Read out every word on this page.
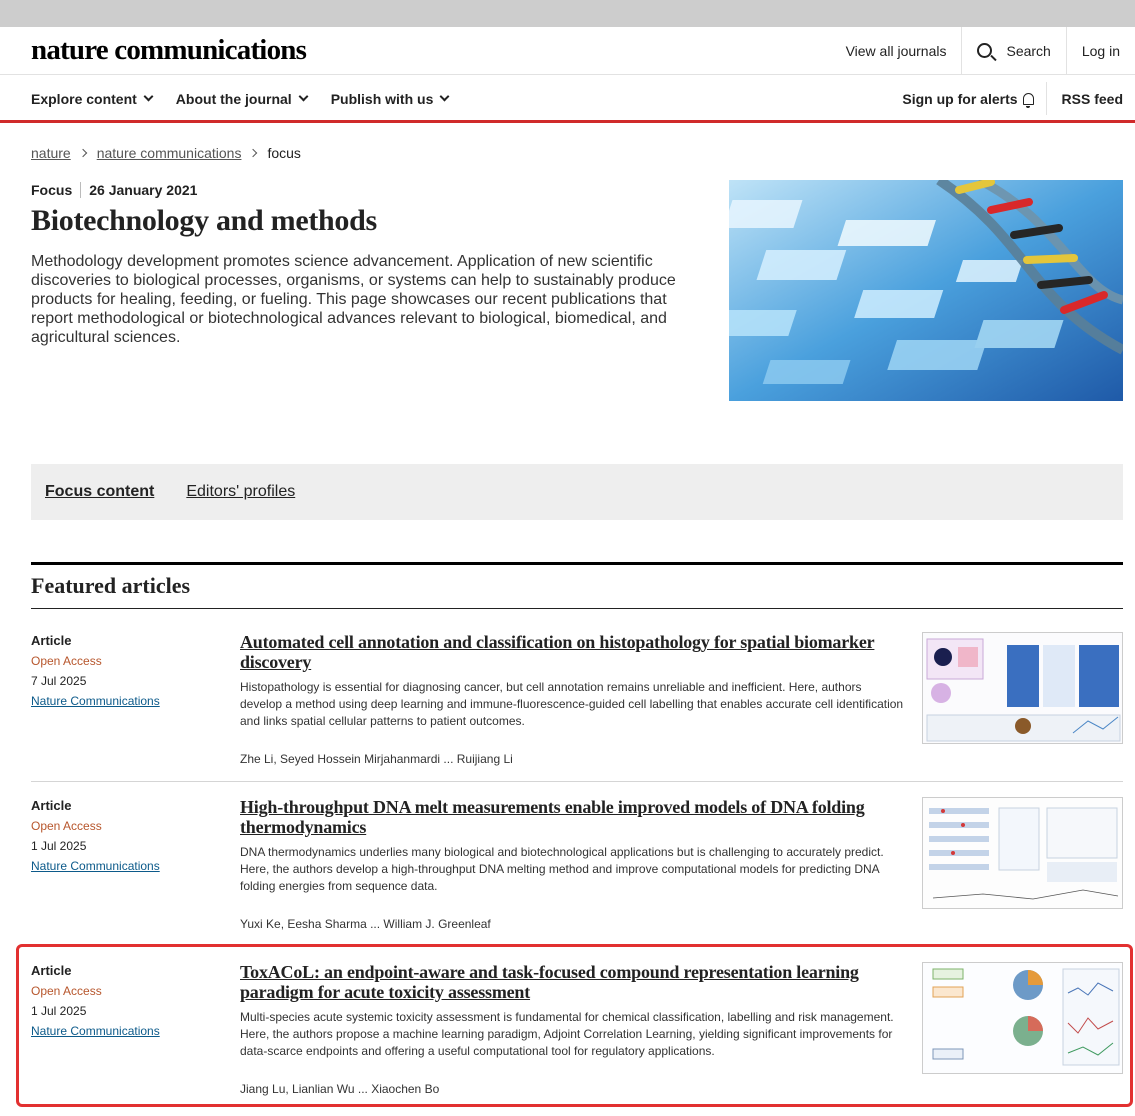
nature communications	View all journals	Search	Log in
Explore content	About the journal	Publish with us	Sign up for alerts	RSS feed
nature nature communications focus
Focus	26 January 2021
Biotechnology and methods

Methodology development promotes science advancement. Application of new scientific discoveries to biological processes, organisms, or systems can help to sustainably produce products for healing, feeding, or fueling. This page showcases our recent publications that report methodological or biotechnological advances relevant to biological, biomedical, and agricultural sciences.

Focus content Editors' profiles
Featured articles
Article
Open Access
7 Jul 2025
Nature Communications
Automated cell annotation and classification on histopathology for spatial biomarker discovery
Histopathology is essential for diagnosing cancer, but cell annotation remains unreliable and inefficient. Here, authors develop a method using deep learning and immune-fluorescence-guided cell labelling that enables accurate cell identification and links spatial cellular patterns to patient outcomes.
Zhe Li, Seyed Hossein Mirjahanmardi ... Ruijiang Li
Article
Open Access
1 Jul 2025
Nature Communications
High-throughput DNA melt measurements enable improved models of DNA folding thermodynamics
DNA thermodynamics underlies many biological and biotechnological applications but is challenging to accurately predict. Here, the authors develop a high-throughput DNA melting method and improve computational models for predicting DNA folding energies from sequence data.
Yuxi Ke, Eesha Sharma ... William J. Greenleaf
Article
Open Access
1 Jul 2025
Nature Communications
ToxACoL: an endpoint-aware and task-focused compound representation learning paradigm for acute toxicity assessment
Multi-species acute systemic toxicity assessment is fundamental for chemical classification, labelling and risk management. Here, the authors propose a machine learning paradigm, Adjoint Correlation Learning, yielding significant improvements for data-scarce endpoints and offering a useful computational tool for regulatory applications.
Jiang Lu, Lianlian Wu ... Xiaochen Bo
